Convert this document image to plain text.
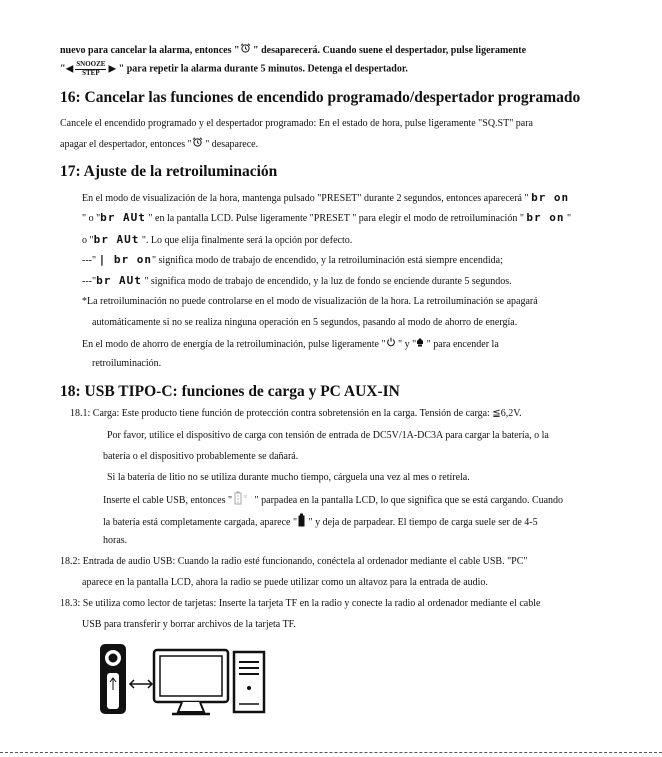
nuevo para cancelar la alarma, entonces " " desaparecerá. Cuando suene el despertador, pulse ligeramente

"◀ SNOOZE
STEP ▶ " para repetir la alarma durante 5 minutos. Detenga el despertador.

16: Cancelar las funciones de encendido programado/despertador programado

Cancele el encendido programado y el despertador programado: En el estado de hora, pulse ligeramente "SQ.ST" para

apagar el despertador, entonces " " desaparece.

17: Ajuste de la retroiluminación

En el modo de visualización de la hora, mantenga pulsado "PRESET" durante 2 segundos, entonces aparecerá " br on

" o "br AUt " en la pantalla LCD. Pulse ligeramente "PRESET " para elegir el modo de retroiluminación " br on "

o "br AUt ". Lo que elija finalmente será la opción por defecto.

---" | br on" significa modo de trabajo de encendido, y la retroiluminación está siempre encendida;

---"br AUt " significa modo de trabajo de encendido, y la luz de fondo se enciende durante 5 segundos.

*La retroiluminación no puede controlarse en el modo de visualización de la hora. La retroiluminación se apagará

automáticamente si no se realiza ninguna operación en 5 segundos, pasando al modo de ahorro de energía.

En el modo de ahorro de energía de la retroiluminación, pulse ligeramente " " y " " para encender la

retroiluminación.

18: USB TIPO-C: funciones de carga y PC AUX-IN

18.1: Carga: Este producto tiene función de protección contra sobretensión en la carga. Tensión de carga: ≦6,2V.

Por favor, utilice el dispositivo de carga con tensión de entrada de DC5V/1A-DC3A para cargar la batería, o la

batería o el dispositivo probablemente se dañará.

Si la batería de litio no se utiliza durante mucho tiempo, cárguela una vez al mes o retírela.

Inserte el cable USB, entonces " " parpadea en la pantalla LCD, lo que significa que se está cargando. Cuando

la batería está completamente cargada, aparece " " y deja de parpadear. El tiempo de carga suele ser de 4-5

horas.

18.2: Entrada de audio USB: Cuando la radio esté funcionando, conéctela al ordenador mediante el cable USB. "PC"

aparece en la pantalla LCD, ahora la radio se puede utilizar como un altavoz para la entrada de audio.

18.3: Se utiliza como lector de tarjetas: Inserte la tarjeta TF en la radio y conecte la radio al ordenador mediante el cable

USB para transferir y borrar archivos de la tarjeta TF.
